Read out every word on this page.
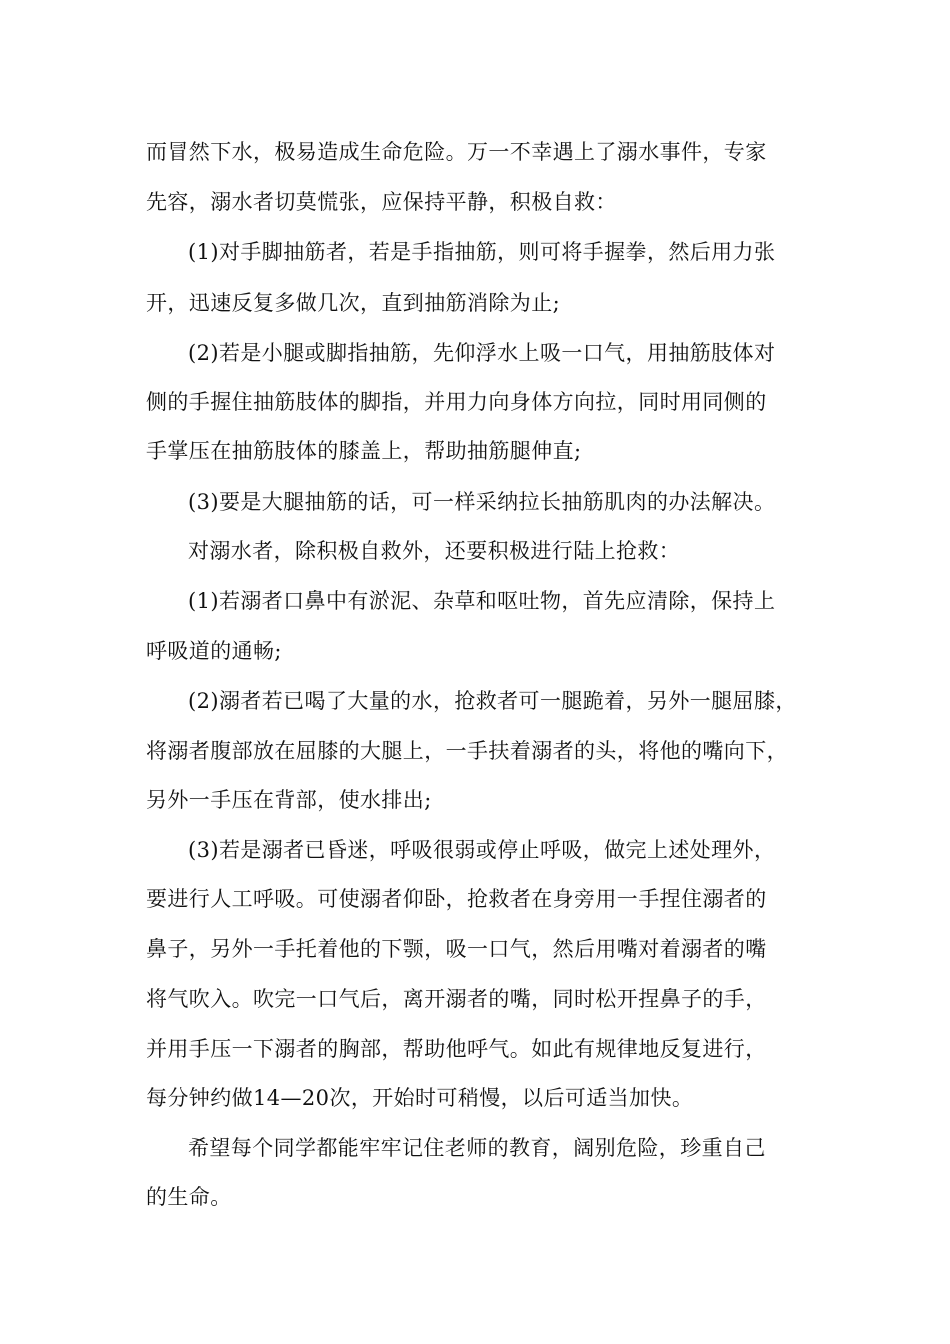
而冒然下水，极易造成生命危险。万一不幸遇上了溺水事件，专家
先容，溺水者切莫慌张，应保持平静，积极自救：
(1)对手脚抽筋者，若是手指抽筋，则可将手握拳，然后用力张
开，迅速反复多做几次，直到抽筋消除为止;
(2)若是小腿或脚指抽筋，先仰浮水上吸一口气，用抽筋肢体对
侧的手握住抽筋肢体的脚指，并用力向身体方向拉，同时用同侧的
手掌压在抽筋肢体的膝盖上，帮助抽筋腿伸直;
(3)要是大腿抽筋的话，可一样采纳拉长抽筋肌肉的办法解决。
对溺水者，除积极自救外，还要积极进行陆上抢救：
(1)若溺者口鼻中有淤泥、杂草和呕吐物，首先应清除，保持上
呼吸道的通畅;
(2)溺者若已喝了大量的水，抢救者可一腿跪着，另外一腿屈膝，
将溺者腹部放在屈膝的大腿上，一手扶着溺者的头，将他的嘴向下，
另外一手压在背部，使水排出;
(3)若是溺者已昏迷，呼吸很弱或停止呼吸，做完上述处理外，
要进行人工呼吸。可使溺者仰卧，抢救者在身旁用一手捏住溺者的
鼻子，另外一手托着他的下颚，吸一口气，然后用嘴对着溺者的嘴
将气吹入。吹完一口气后，离开溺者的嘴，同时松开捏鼻子的手，
并用手压一下溺者的胸部，帮助他呼气。如此有规律地反复进行，
每分钟约做14—20次，开始时可稍慢，以后可适当加快。
希望每个同学都能牢牢记住老师的教育，阔别危险，珍重自己
的生命。
